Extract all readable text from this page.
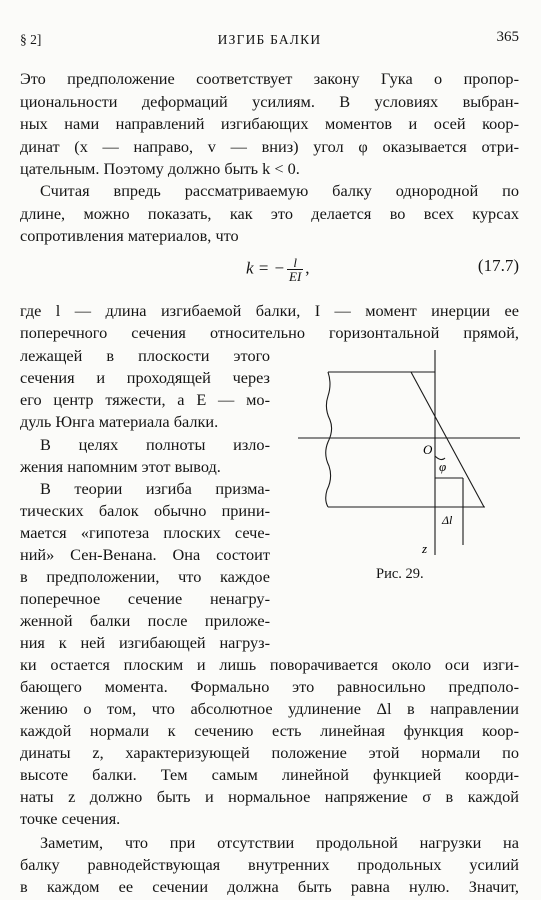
§ 2]	ИЗГИБ БАЛКИ	365
Это предположение соответствует закону Гука о пропор-
циональности деформаций усилиям. В условиях выбран-
ных нами направлений изгибающих моментов и осей коор-
динат (x — направо, v — вниз) угол φ оказывается отри-
цательным. Поэтому должно быть k < 0.
Считая впредь рассматриваемую балку однородной по
длине, можно показать, как это делается во всех курсах
сопротивления материалов, что
k = − $\frac{l}{EI}$ ,	(17.7)
где l — длина изгибаемой балки, I — момент инерции ее
поперечного сечения относительно горизонтальной прямой,
лежащей в плоскости этого
сечения и проходящей через
его центр тяжести, а E — мо-
дуль Юнга материала балки.
В целях полноты изло-
жения напомним этот вывод.
В теории изгиба призма-
тических балок обычно прини-
мается «гипотеза плоских сече-
ний» Сен-Венана. Она состоит
в предположении, что каждое
поперечное сечение ненагру-
женной балки после приложе-
ния к ней изгибающей нагруз-
ки остается плоским и лишь поворачивается около оси изги-
бающего момента. Формально это равносильно предполо-
жению о том, что абсолютное удлинение Δl в направлении
каждой нормали к сечению есть линейная функция коор-
динаты z, характеризующей положение этой нормали по
высоте балки. Тем самым линейной функцией коорди-
наты z должно быть и нормальное напряжение σ в каждой
точке сечения.
Заметим, что при отсутствии продольной нагрузки на
балку равнодействующая внутренних продольных усилий
в каждом ее сечении должна быть равна нулю. Значит,
O
φ
Δl
z
Рис. 29.
